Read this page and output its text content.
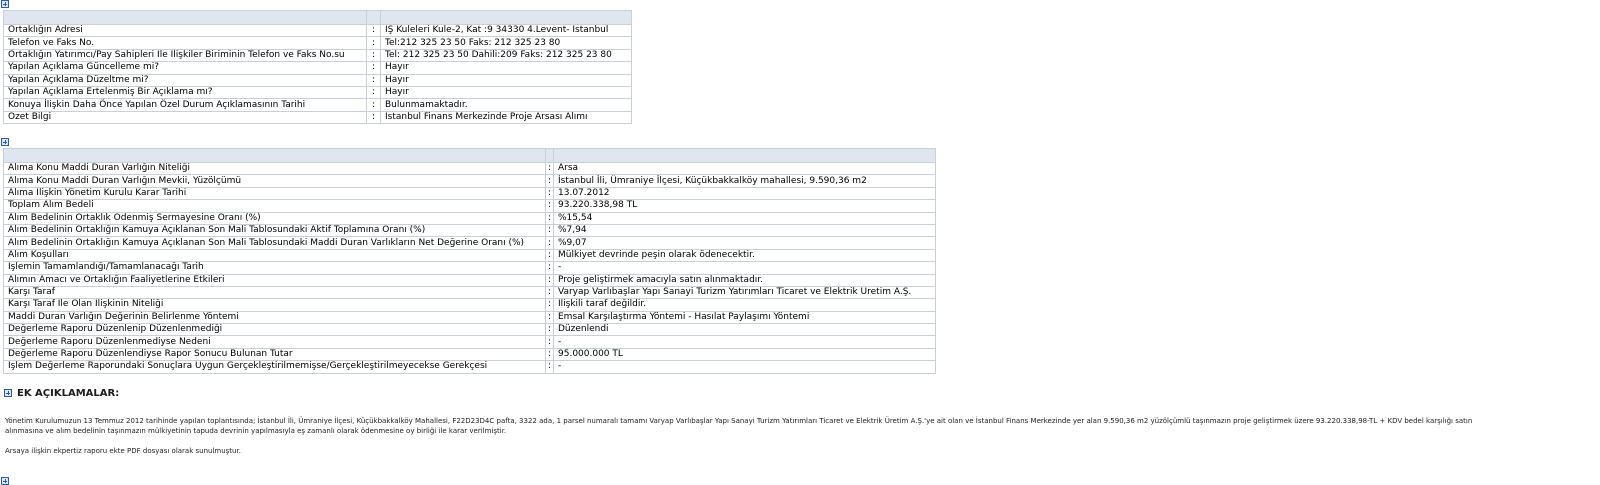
Ortaklığın Adresi	:	İŞ Kuleleri Kule-2, Kat :9 34330 4.Levent- İstanbul
Telefon ve Faks No.	:	Tel:212 325 23 50 Faks: 212 325 23 80
Ortaklığın Yatırımcı/Pay Sahipleri İle İlişkiler Biriminin Telefon ve Faks No.su	:	Tel: 212 325 23 50 Dahili:209 Faks: 212 325 23 80
Yapılan Açıklama Güncelleme mi?	:	Hayır
Yapılan Açıklama Düzeltme mi?	:	Hayır
Yapılan Açıklama Ertelenmiş Bir Açıklama mı?	:	Hayır
Konuya İlişkin Daha Önce Yapılan Özel Durum Açıklamasının Tarihi	:	Bulunmamaktadır.
Özet Bilgi	:	İstanbul Finans Merkezinde Proje Arsası Alımı

Alıma Konu Maddi Duran Varlığın Niteliği	:	Arsa
Alıma Konu Maddi Duran Varlığın Mevkii, Yüzölçümü	:	İstanbul İli, Ümraniye İlçesi, Küçükbakkalköy mahallesi, 9.590,36 m2
Alıma İlişkin Yönetim Kurulu Karar Tarihi	:	13.07.2012
Toplam Alım Bedeli	:	93.220.338,98 TL
Alım Bedelinin Ortaklık Ödenmiş Sermayesine Oranı (%)	:	%15,54
Alım Bedelinin Ortaklığın Kamuya Açıklanan Son Mali Tablosundaki Aktif Toplamına Oranı (%)	:	%7,94
Alım Bedelinin Ortaklığın Kamuya Açıklanan Son Mali Tablosundaki Maddi Duran Varlıkların Net Değerine Oranı (%)	:	%9,07
Alım Koşulları	:	Mülkiyet devrinde peşin olarak ödenecektir.
İşlemin Tamamlandığı/Tamamlanacağı Tarih	:	-
Alımın Amacı ve Ortaklığın Faaliyetlerine Etkileri	:	Proje geliştirmek amacıyla satın alınmaktadır.
Karşı Taraf	:	Varyap Varlıbaşlar Yapı Sanayi Turizm Yatırımları Ticaret ve Elektrik Üretim A.Ş.
Karşı Taraf İle Olan İlişkinin Niteliği	:	İlişkili taraf değildir.
Maddi Duran Varlığın Değerinin Belirlenme Yöntemi	:	Emsal Karşılaştırma Yöntemi - Hasılat Paylaşımı Yöntemi
Değerleme Raporu Düzenlenip Düzenlenmediği	:	Düzenlendi
Değerleme Raporu Düzenlenmediyse Nedeni	:	-
Değerleme Raporu Düzenlendiyse Rapor Sonucu Bulunan Tutar	:	95.000.000 TL
İşlem Değerleme Raporundaki Sonuçlara Uygun Gerçekleştirilmemişse/Gerçekleştirilmeyecekse Gerekçesi	:	-
EK AÇIKLAMALAR:
Yönetim Kurulumuzun 13 Temmuz 2012 tarihinde yapılan toplantısında; İstanbul İli, Ümraniye İlçesi, Küçükbakkalköy Mahallesi, F22D23D4C pafta, 3322 ada, 1 parsel numaralı tamamı Varyap Varlıbaşlar Yapı Sanayi Turizm Yatırımları Ticaret ve Elektrik Üretim A.Ş.'ye ait olan ve İstanbul Finans Merkezinde yer alan 9.590,36 m2 yüzölçümlü taşınmazın proje geliştirmek üzere 93.220.338,98-TL + KDV bedel karşılığı satın
alınmasına ve alım bedelinin taşınmazın mülkiyetinin tapuda devrinin yapılmasıyla eş zamanlı olarak ödenmesine oy birliği ile karar verilmiştir.
Arsaya ilişkin ekpertiz raporu ekte PDF dosyası olarak sunulmuştur.
